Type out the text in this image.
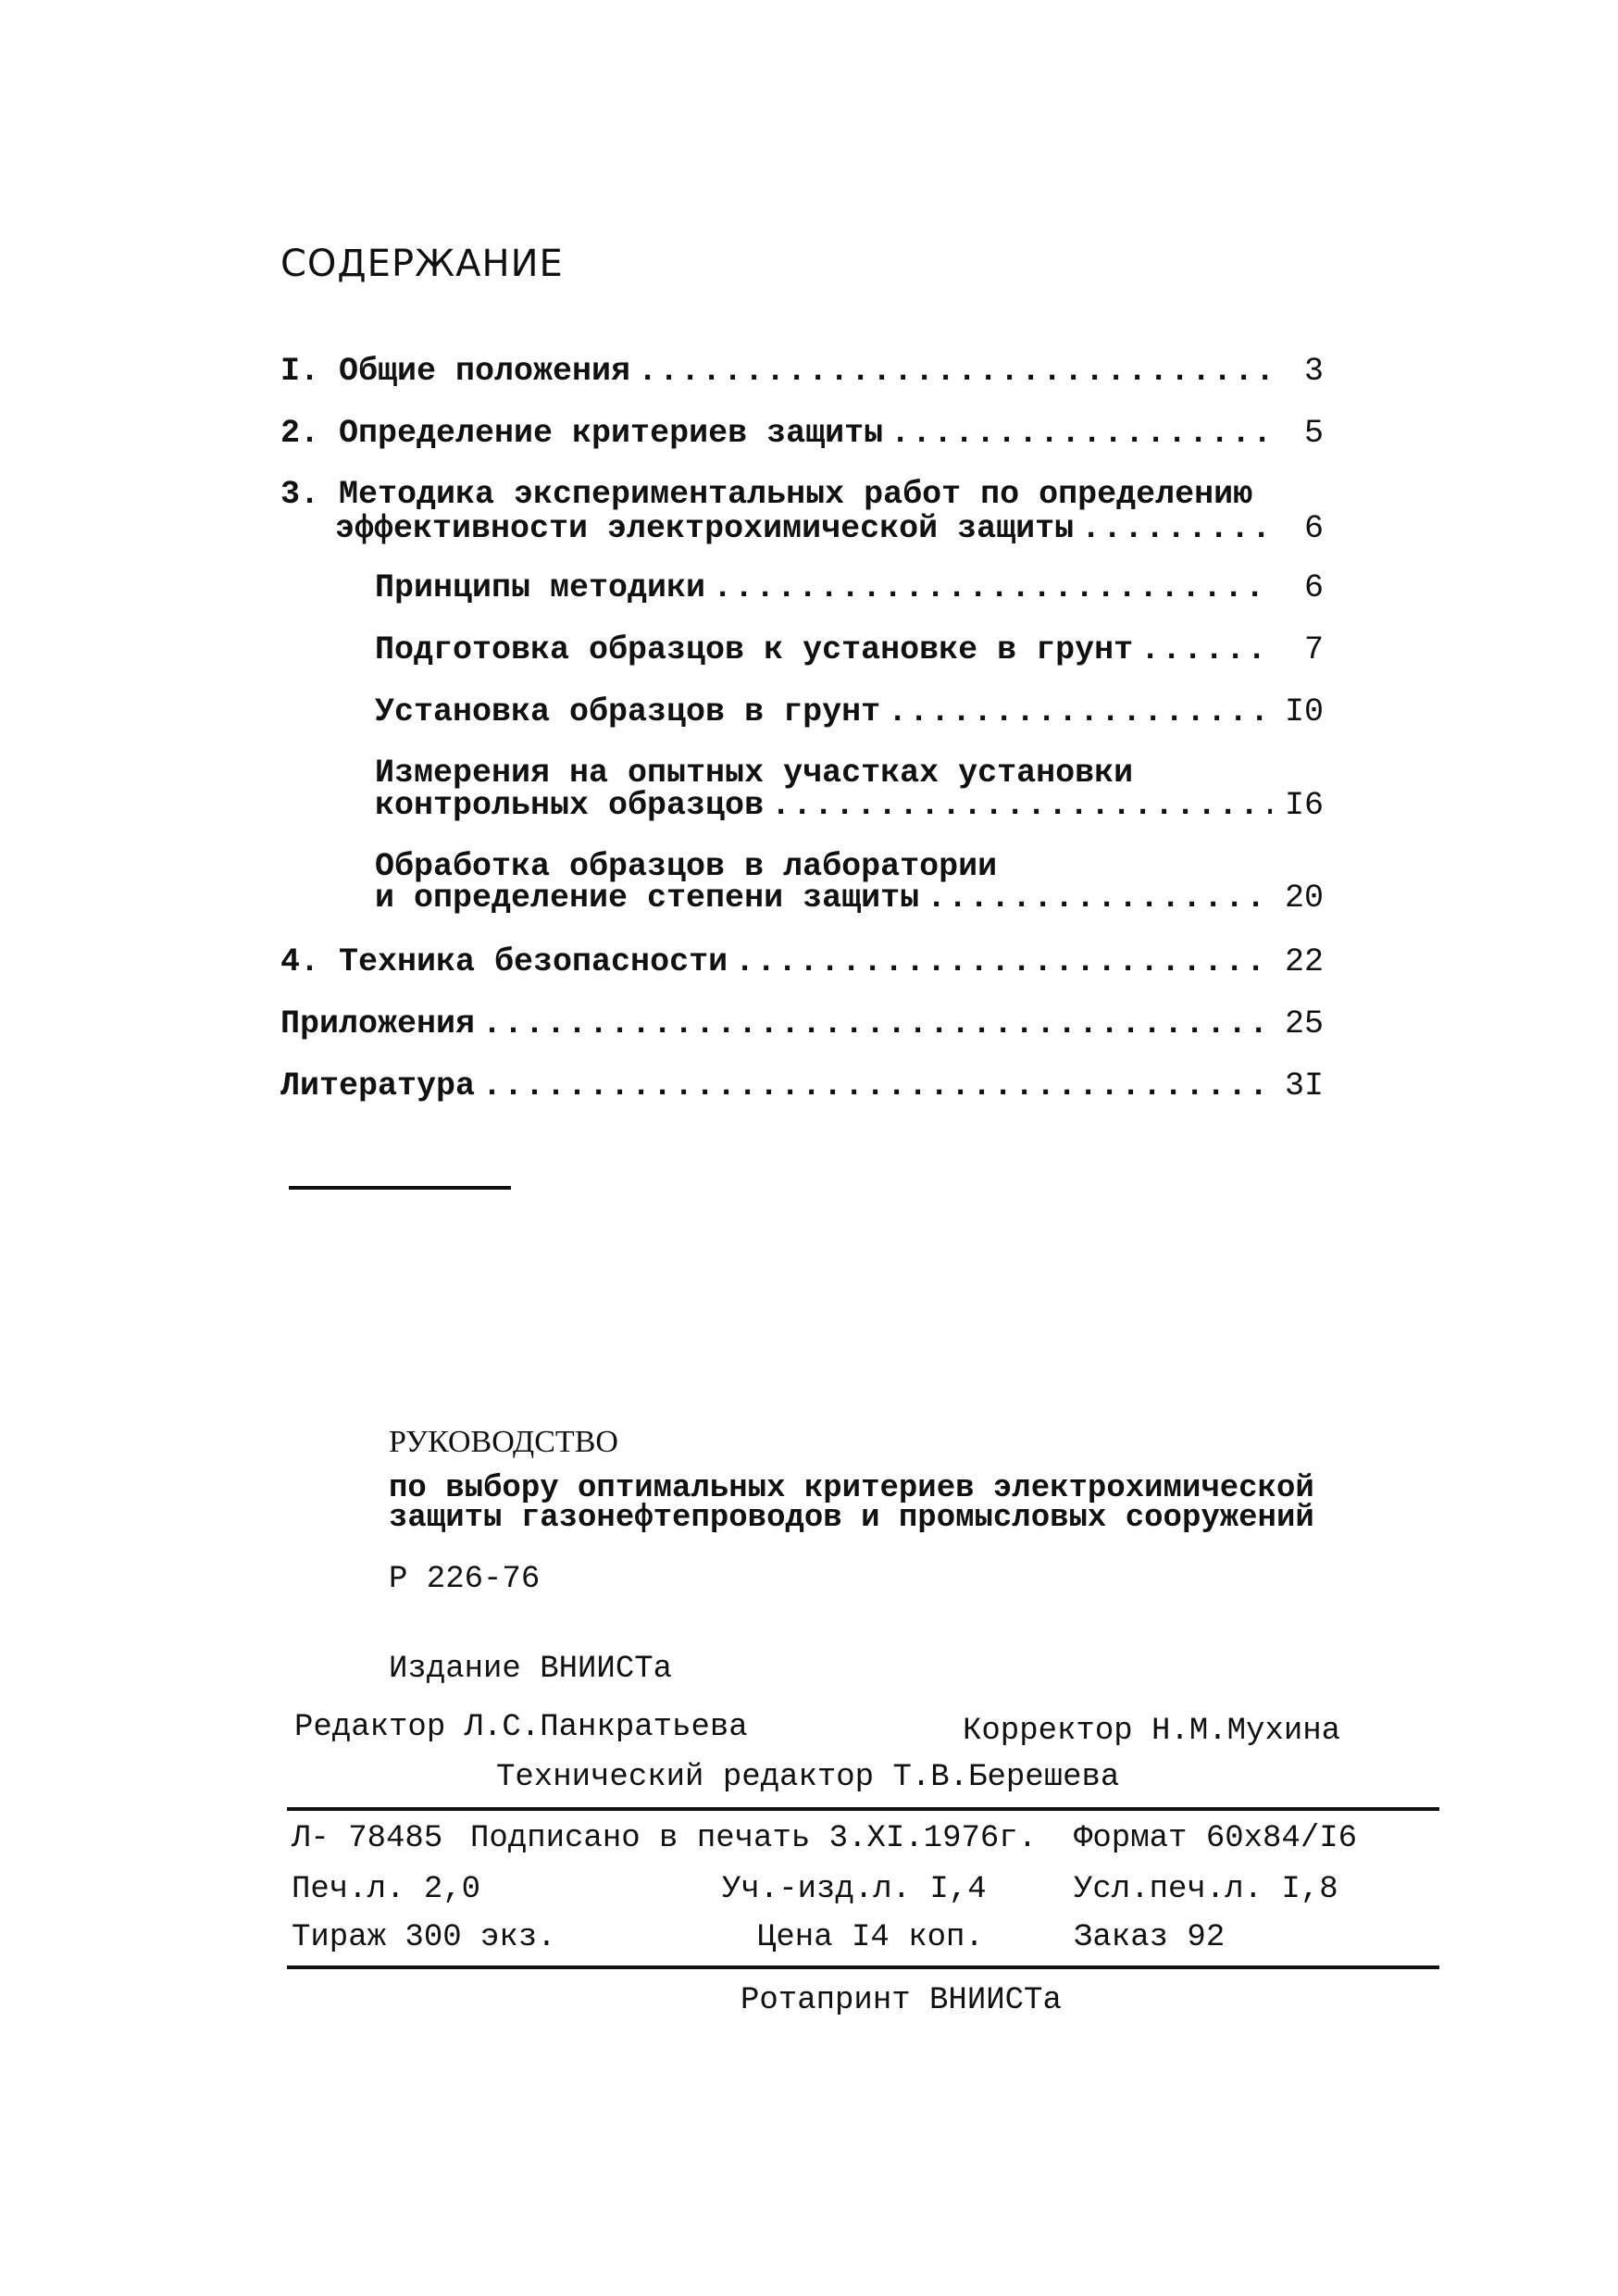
СОДЕРЖАНИЕ
I. Общие положения .....	3
2. Определение критериев защиты .....	5
3. Методика экспериментальных работ по определению
эффективности электрохимической защиты .....	6
Принципы методики .....	6
Подготовка образцов к установке в грунт .....	7
Установка образцов в грунт .....	I0
Измерения на опытных участках установки
контрольных образцов .....	I6
Обработка образцов в лаборатории
и определение степени защиты .....	20
4. Техника безопасности .....	22
Приложения .....	25
Литература .....	3I
РУКОВОДСТВО
по выбору оптимальных критериев электрохимической
защиты газонефтепроводов и промысловых сооружений
Р 226-76
Издание ВНИИСТа
Редактор Л.С.Панкратьева	Корректор Н.М.Мухина
Технический редактор Т.В.Берешева
Л- 78485 Подписано в печать 3.XI.1976г. Формат 60х84/I6
Печ.л. 2,0	Уч.-изд.л. I,4	Усл.печ.л. I,8
Тираж 300 экз.	Цена I4 коп.	Заказ 92
Ротапринт ВНИИСТа
